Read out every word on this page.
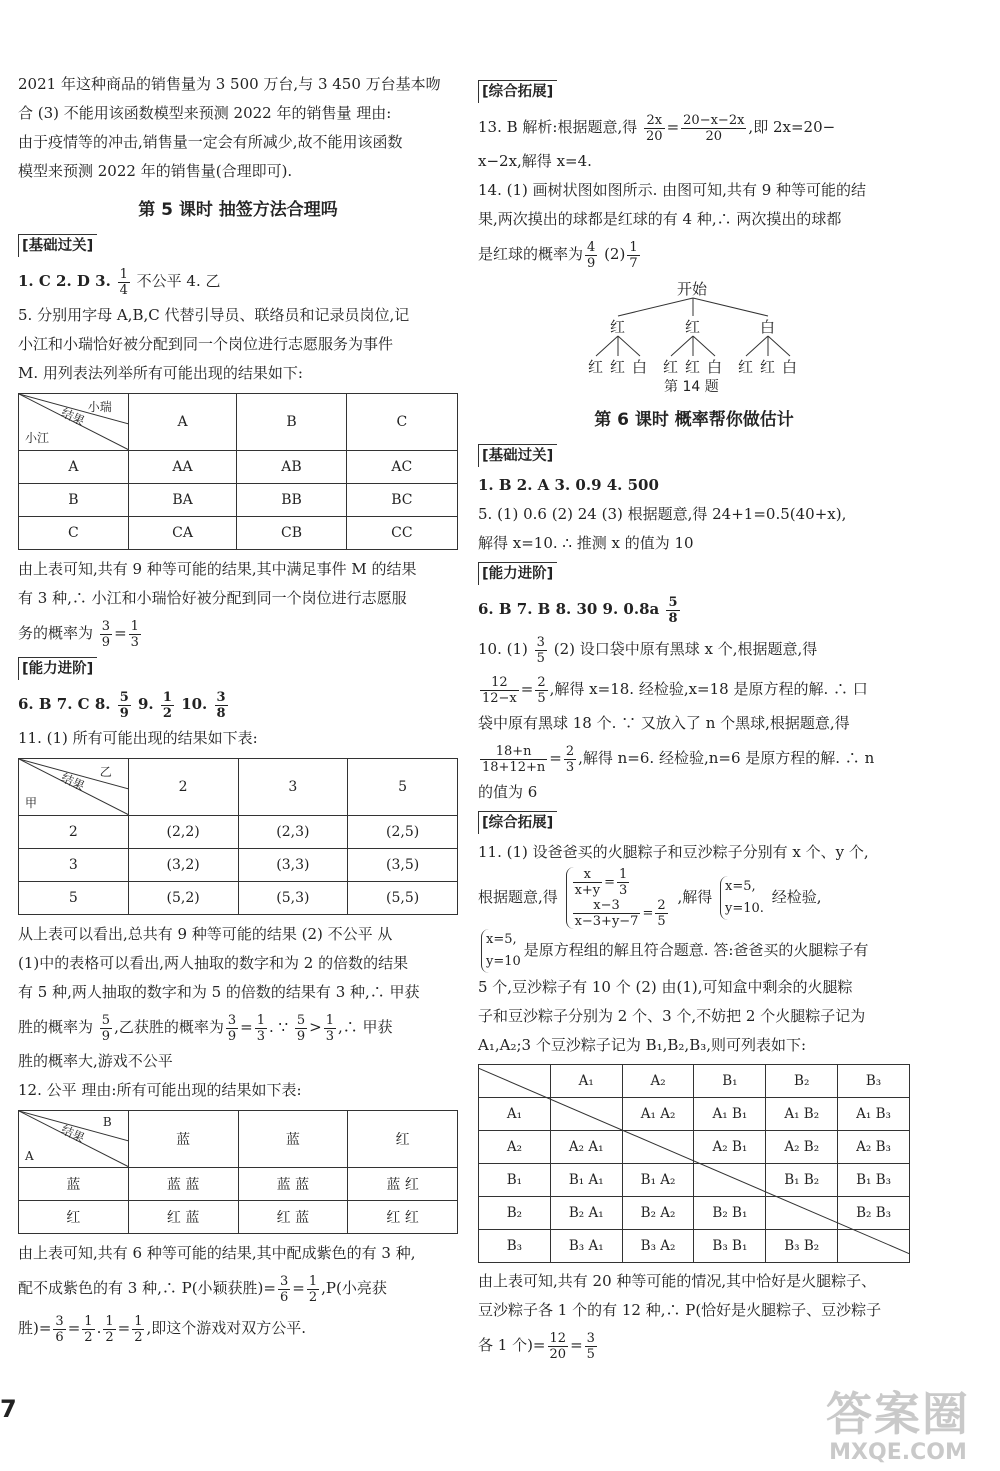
2021 年这种商品的销售量为 3 500 万台,与 3 450 万台基本吻

合 (3) 不能用该函数模型来预测 2022 年的销售量 理由:

由于疫情等的冲击,销售量一定会有所减少,故不能用该函数

模型来预测 2022 年的销售量(合理即可).

第 5 课时 抽签方法合理吗
[基础过关]

1. C 2. D 3. $\frac{1}{4}$ 不公平 4. 乙

5. 分别用字母 A,B,C 代替引导员、联络员和记录员岗位,记

小江和小瑞恰好被分配到同一个岗位进行志愿服务为事件

M. 用列表法列举所有可能出现的结果如下:

小瑞
结果
小江	A	B	C
A	AA	AB	AC
B	BA	BB	BC
C	CA	CB	CC

由上表可知,共有 9 种等可能的结果,其中满足事件 M 的结果

有 3 种,∴ 小江和小瑞恰好被分配到同一个岗位进行志愿服

务的概率为 $\frac{3}{9} = \frac{1}{3}$

[能力进阶]

6. B 7. C 8. $\frac{5}{9} 9$. $\frac{1}{2} 10$. $\frac{3}{8}$

11. (1) 所有可能出现的结果如下表:

乙
结果
甲	2	3	5
2	(2,2)	(2,3)	(2,5)
3	(3,2)	(3,3)	(3,5)
5	(5,2)	(5,3)	(5,5)

从上表可以看出,总共有 9 种等可能的结果 (2) 不公平 从

(1)中的表格可以看出,两人抽取的数字和为 2 的倍数的结果

有 5 种,两人抽取的数字和为 5 的倍数的结果有 3 种,∴ 甲获

胜的概率为 $\frac{5}{9}$ ,乙获胜的概率为 $\frac{3}{9} = \frac{1}{3}$ . ∵ $\frac{5}{9} > \frac{1}{3}$ ,∴ 甲获

胜的概率大,游戏不公平

12. 公平 理由:所有可能出现的结果如下表:

B
结果
A	蓝	蓝	红
蓝	蓝 蓝	蓝 蓝	蓝 红
红	红 蓝	红 蓝	红 红

由上表可知,共有 6 种等可能的结果,其中配成紫色的有 3 种,

配不成紫色的有 3 种,∴ P(小颖获胜)= $\frac{3}{6} = \frac{1}{2} ,P$(小亮获

胜)= $\frac{3}{6} = \frac{1}{2}$ . $\frac{1}{2} = \frac{1}{2}$ ,即这个游戏对双方公平.

[综合拓展]

13. B 解析:根据题意,得 $\frac{2x}{20} = \frac{20-x-2x}{20}$ ,即 2x=20−

x−2x,解得 x=4.

14. (1) 画树状图如图所示. 由图可知,共有 9 种等可能的结

果,两次摸出的球都是红球的有 4 种,∴ 两次摸出的球都

是红球的概率为 $\frac{4}{9} (2) \frac{1}{7}$

开始
红	红	白
红 红 白 红 红 白 红 红 白
第 14 题
第 6 课时 概率帮你做估计
[基础过关]

1. B 2. A 3. 0.9 4. 500

5. (1) 0.6 (2) 24 (3) 根据题意,得 24+1=0.5(40+x),

解得 x=10. ∴ 推测 x 的值为 10

[能力进阶]

6. B 7. B 8. 30 9. $0.8a \frac{5}{8}$

10. $(1) \frac{3}{5} (2)$ 设口袋中原有黑球 x 个,根据题意,得

$\frac{12}{12-x} = \frac{2}{5}$ ,解得 x=18. 经检验,x=18 是原方程的解. ∴ 口

袋中原有黑球 18 个. ∵ 又放入了 n 个黑球,根据题意,得

$\frac{18+n}{18+12+n} = \frac{2}{3}$ ,解得 n=6. 经检验,n=6 是原方程的解. ∴ n

的值为 6

[综合拓展]

11. (1) 设爸爸买的火腿粽子和豆沙粽子分别有 x 个、y 个,

根据题意,得 $\frac{x}{x+y} = \frac{1}{3}$

$\frac{x-3}{x-3+y-7} = \frac{2}{5}$
,解得 x=5,
y=10. 经检验,

x=5,
y=10是原方程组的解且符合题意. 答:爸爸买的火腿粽子有

5 个,豆沙粽子有 10 个 (2) 由(1),可知盒中剩余的火腿粽

子和豆沙粽子分别为 2 个、3 个,不妨把 2 个火腿粽子记为

A₁,A₂;3 个豆沙粽子记为 B₁,B₂,B₃,则可列表如下:

	A₁	A₂	B₁	B₂	B₃
A₁		A₁ A₂	A₁ B₁	A₁ B₂	A₁ B₃
A₂	A₂ A₁		A₂ B₁	A₂ B₂	A₂ B₃
B₁	B₁ A₁	B₁ A₂		B₁ B₂	B₁ B₃
B₂	B₂ A₁	B₂ A₂	B₂ B₁		B₂ B₃
B₃	B₃ A₁	B₃ A₂	B₃ B₁	B₃ B₂	

由上表可知,共有 20 种等可能的情况,其中恰好是火腿粽子、

豆沙粽子各 1 个的有 12 种,∴ P(恰好是火腿粽子、豆沙粽子

各 1 个)= $\frac{12}{20} = \frac{3}{5}$

7	答案圈
MXQE.COM
